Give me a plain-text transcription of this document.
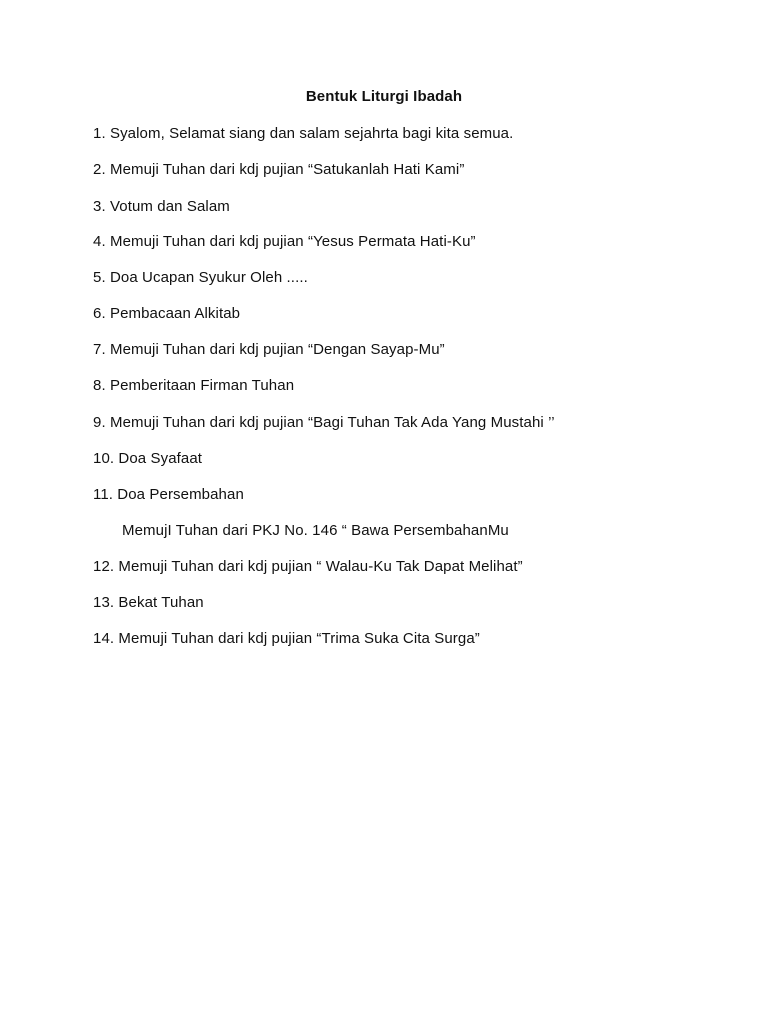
Bentuk Liturgi Ibadah
1. Syalom, Selamat siang dan salam sejahrta bagi kita semua.
2. Memuji Tuhan dari kdj pujian “Satukanlah Hati Kami”
3. Votum dan Salam
4. Memuji Tuhan dari kdj pujian “Yesus Permata Hati-Ku”
5. Doa Ucapan Syukur Oleh .....
6. Pembacaan Alkitab
7. Memuji Tuhan dari kdj pujian “Dengan Sayap-Mu”
8. Pemberitaan Firman Tuhan
9. Memuji Tuhan dari kdj pujian “Bagi Tuhan Tak Ada Yang Mustahi ’’
10. Doa Syafaat
11. Doa Persembahan
MemujI Tuhan dari PKJ No. 146 “ Bawa PersembahanMu
12. Memuji Tuhan dari kdj pujian “ Walau-Ku Tak Dapat Melihat”
13. Bekat Tuhan
14. Memuji Tuhan dari kdj pujian “Trima Suka Cita Surga”
